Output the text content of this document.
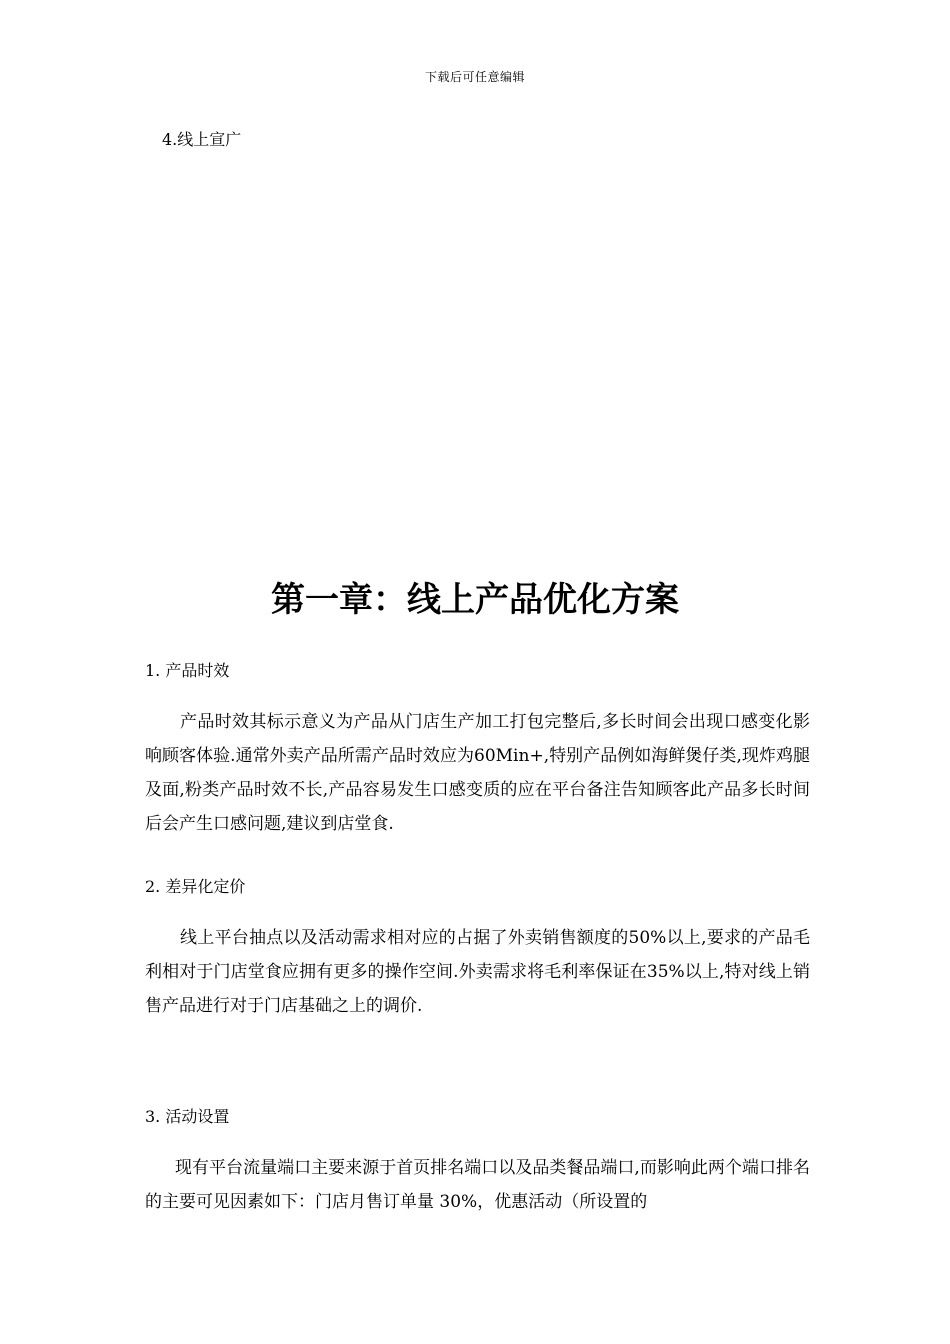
下载后可任意编辑
4.线上宣广
第一章：线上产品优化方案
1. 产品时效
产品时效其标示意义为产品从门店生产加工打包完整后,多长时间会出现口感变化影响顾客体验.通常外卖产品所需产品时效应为60Min+,特别产品例如海鲜煲仔类,现炸鸡腿及面,粉类产品时效不长,产品容易发生口感变质的应在平台备注告知顾客此产品多长时间后会产生口感问题,建议到店堂食.
2. 差异化定价
线上平台抽点以及活动需求相对应的占据了外卖销售额度的50%以上,要求的产品毛利相对于门店堂食应拥有更多的操作空间.外卖需求将毛利率保证在35%以上,特对线上销售产品进行对于门店基础之上的调价.
3. 活动设置
现有平台流量端口主要来源于首页排名端口以及品类餐品端口,而影响此两个端口排名的主要可见因素如下：门店月售订单量 30%，优惠活动（所设置的
